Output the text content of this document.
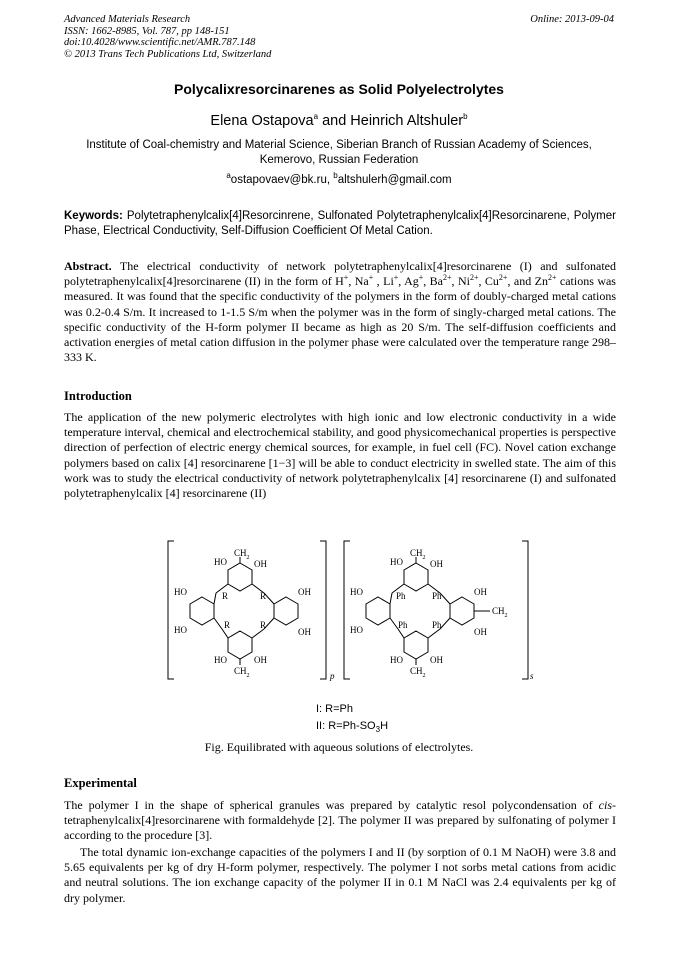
Advanced Materials Research
ISSN: 1662-8985, Vol. 787, pp 148-151
doi:10.4028/www.scientific.net/AMR.787.148
© 2013 Trans Tech Publications Ltd, Switzerland
Online: 2013-09-04
Polycalixresorcinarenes as Solid Polyelectrolytes
Elena Ostapova$^a$ and Heinrich Altshuler$^b$
Institute of Coal-chemistry and Material Science, Siberian Branch of Russian Academy of Sciences, Kemerovo, Russian Federation
$^a$ostapovaev@bk.ru, $^b$altshulerh@gmail.com
Keywords: Polytetraphenylcalix[4]Resorcinrene, Sulfonated Polytetraphenylcalix[4]Resorcinarene, Polymer Phase, Electrical Conductivity, Self-Diffusion Coefficient Of Metal Cation.
Abstract. The electrical conductivity of network polytetraphenylcalix[4]resorcinarene (I) and sulfonated polytetraphenylcalix[4]resorcinarene (II) in the form of H+, Na+ , Li+, Ag+, $Ba^{2+}$, $Ni^{2+}$, $Cu^{2+}$, and $Zn^{2+}$ cations was measured. It was found that the specific conductivity of the polymers in the form of doubly-charged metal cations was 0.2-0.4 S/m. It increased to 1-1.5 S/m when the polymer was in the form of singly-charged metal cations. The specific conductivity of the H-form polymer II became as high as 20 S/m. The self-diffusion coefficients and activation energies of metal cation diffusion in the polymer phase were calculated over the temperature range 298–333 K.
Introduction
The application of the new polymeric electrolytes with high ionic and low electronic conductivity in a wide temperature interval, chemical and electrochemical stability, and good physicomechanical properties is perspective direction of perfection of electric energy chemical sources, for example, in fuel cell (FC). Novel cation exchange polymers based on calix [4] resorcinarene [1−3] will be able to conduct electricity in swelled state. The aim of this work was to study the electrical conductivity of network polytetraphenylcalix [4] resorcinarene (I) and sulfonated polytetraphenylcalix [4] resorcinarene (II)
$CH_2$
HO	OH
HO	OH
HO	OH
HO	OH
$CH_2$
R	R
R	R
p
$CH_2$
HO	OH
HO	OH
$CH_2$
HO	OH
HO	OH
$CH_2$
Ph	Ph
Ph	Ph
s
I: R=Ph
II: $R=Ph-SO_3H$
Fig. Equilibrated with aqueous solutions of electrolytes.
Experimental
The polymer I in the shape of spherical granules was prepared by catalytic resol polycondensation of cis-tetraphenylcalix[4]resorcinarene with formaldehyde [2]. The polymer II was prepared by sulfonating of polymer I according to the procedure [3].
The total dynamic ion-exchange capacities of the polymers I and II (by sorption of 0.1 M NaOH) were 3.8 and 5.65 equivalents per kg of dry H-form polymer, respectively. The polymer I not sorbs metal cations from acidic and neutral solutions. The ion exchange capacity of the polymer II in 0.1 M NaCl was 2.4 equivalents per kg of dry polymer.
